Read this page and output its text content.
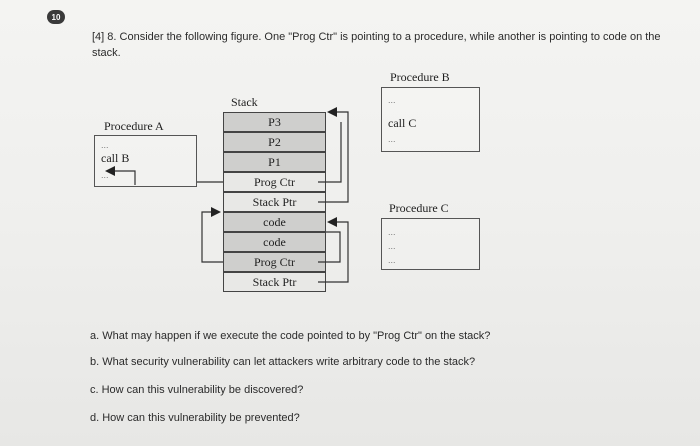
10
[4] 8. Consider the following figure. One "Prog Ctr" is pointing to a procedure, while another is pointing to code on the stack.
Stack
Procedure A
...
call B
...
Procedure B
...
call C
...
Procedure C
...
...
...
P3
P2
P1
Prog Ctr
Stack Ptr
code
code
Prog Ctr
Stack Ptr
a. What may happen if we execute the code pointed to by "Prog Ctr" on the stack?
b. What security vulnerability can let attackers write arbitrary code to the stack?
c. How can this vulnerability be discovered?
d. How can this vulnerability be prevented?
